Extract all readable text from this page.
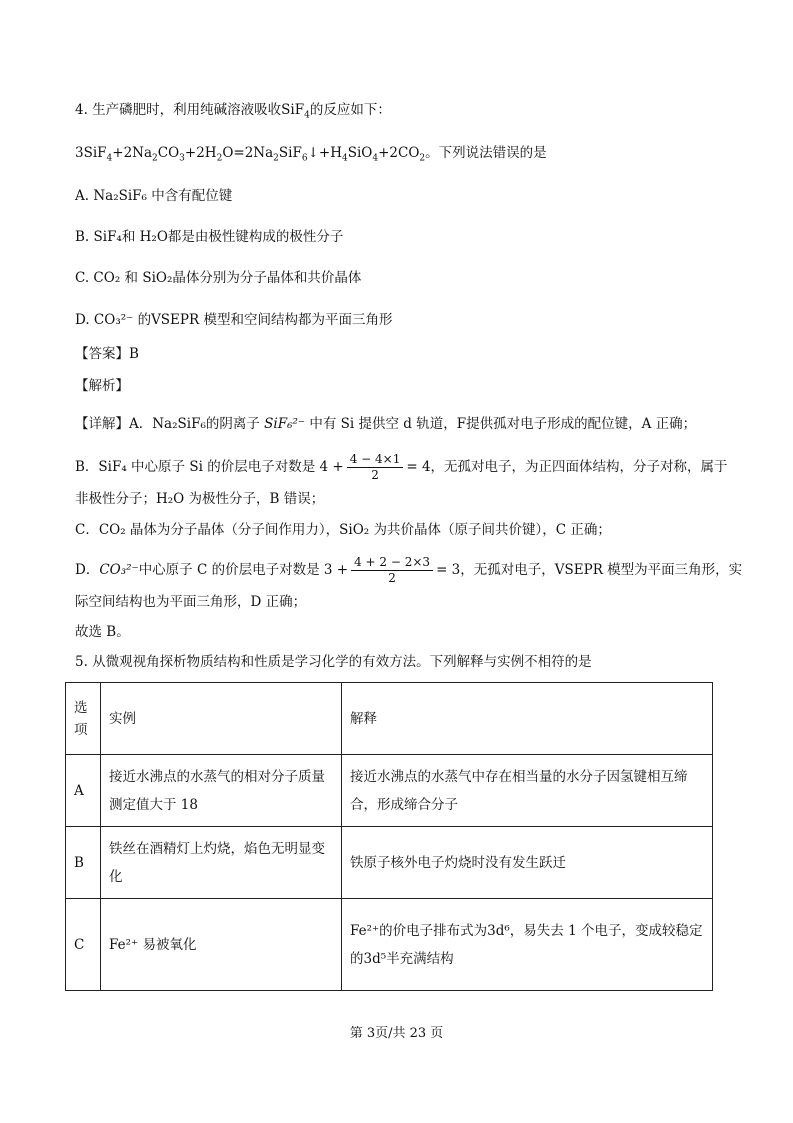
4. 生产磷肥时，利用纯碱溶液吸收SiF$_4$的反应如下：
$3SiF_4+2Na_2CO_3+2H_2O=2Na_2SiF_6↓+H_4SiO_4+2CO_2$。下列说法错误的是
A. Na₂SiF₆ 中含有配位键
B. SiF₄和 H₂O都是由极性键构成的极性分子
C. CO₂ 和 SiO₂晶体分别为分子晶体和共价晶体
D. CO₃²⁻ 的VSEPR 模型和空间结构都为平面三角形
【答案】B
【解析】
【详解】A．Na₂SiF₆的阴离子 SiF₆²⁻ 中有 Si 提供空 d 轨道，F提供孤对电子形成的配位键，A 正确；
B．SiF₄ 中心原子 Si 的价层电子对数是 $4 + \frac{4 - 4\times 1}{2} = 4$，无孤对电子，为正四面体结构，分子对称，属于
非极性分子；H₂O 为极性分子，B 错误；
C．CO₂ 晶体为分子晶体（分子间作用力），SiO₂ 为共价晶体（原子间共价键），C 正确；
D．CO₃²⁻中心原子 C 的价层电子对数是 $3 + \frac{4 + 2 - 2\times 3}{2} = 3$，无孤对电子，VSEPR 模型为平面三角形，实
际空间结构也为平面三角形，D 正确；
故选 B。
5. 从微观视角探析物质结构和性质是学习化学的有效方法。下列解释与实例不相符的是
选项	实例	解释
A	接近水沸点的水蒸气的相对分子质量测定值大于 18	接近水沸点的水蒸气中存在相当量的水分子因氢键相互缔合，形成缔合分子
B	铁丝在酒精灯上灼烧，焰色无明显变化	铁原子核外电子灼烧时没有发生跃迁
C	Fe²⁺ 易被氧化	Fe²⁺的价电子排布式为3d⁶，易失去 1 个电子，变成较稳定的3d⁵半充满结构
第 3页/共 23 页
